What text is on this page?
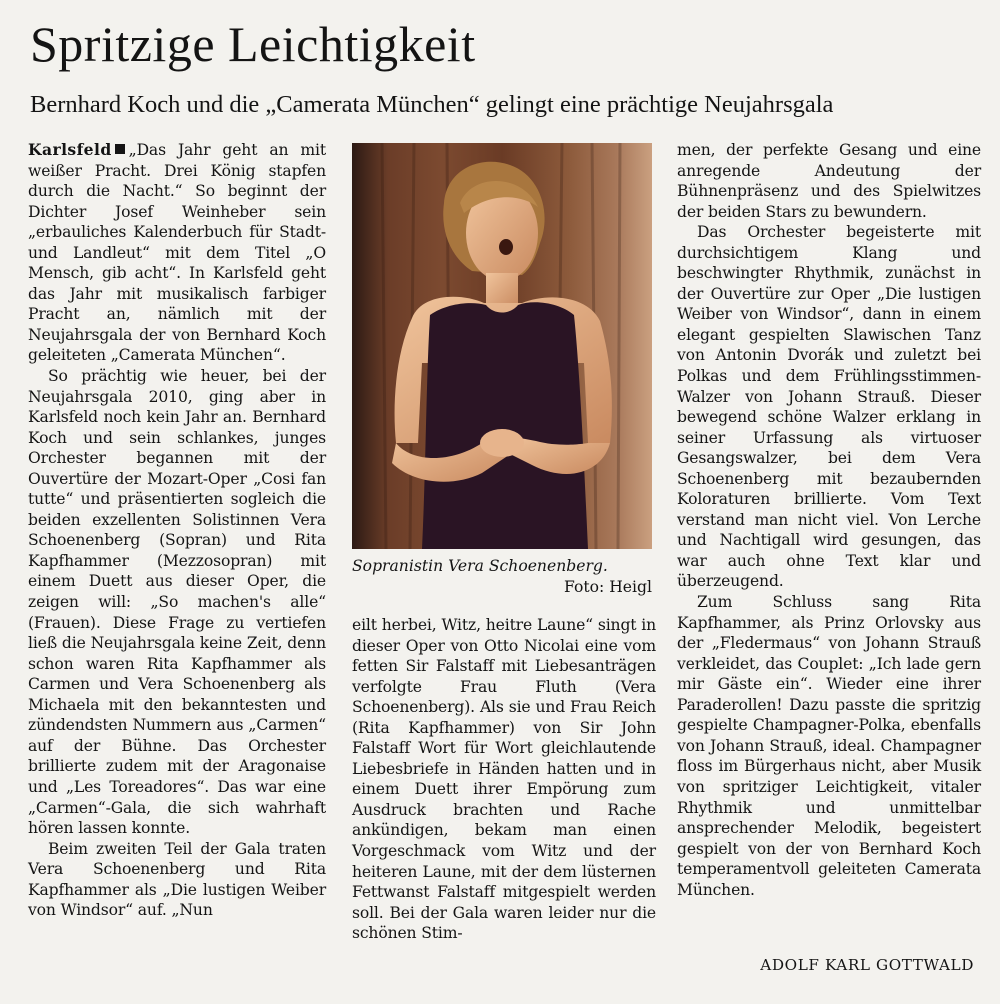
Spritzige Leichtigkeit
Bernhard Koch und die „Camerata München“ gelingt eine prächtige Neujahrsgala

Karlsfeld „Das Jahr geht an mit weißer Pracht. Drei König stapfen durch die Nacht.“ So beginnt der Dichter Josef Weinheber sein „erbauliches Kalenderbuch für Stadt- und Landleut“ mit dem Titel „O Mensch, gib acht“. In Karlsfeld geht das Jahr mit musikalisch farbiger Pracht an, nämlich mit der Neujahrsgala der von Bernhard Koch geleiteten „Camerata München“.

So prächtig wie heuer, bei der Neujahrsgala 2010, ging aber in Karlsfeld noch kein Jahr an. Bernhard Koch und sein schlankes, junges Orchester begannen mit der Ouvertüre der Mozart-Oper „Cosi fan tutte“ und präsentierten sogleich die beiden exzellenten Solistinnen Vera Schoenenberg (Sopran) und Rita Kapfhammer (Mezzosopran) mit einem Duett aus dieser Oper, die zeigen will: „So machen's alle“ (Frauen). Diese Frage zu vertiefen ließ die Neujahrsgala keine Zeit, denn schon waren Rita Kapfhammer als Carmen und Vera Schoenenberg als Michaela mit den bekanntesten und zündendsten Nummern aus „Carmen“ auf der Bühne. Das Orchester brillierte zudem mit der Aragonaise und „Les Toreadores“. Das war eine „Carmen“-Gala, die sich wahrhaft hören lassen konnte.

Beim zweiten Teil der Gala traten Vera Schoenenberg und Rita Kapfhammer als „Die lustigen Weiber von Windsor“ auf. „Nun

Sopranistin Vera Schoenenberg.
Foto: Heigl

eilt herbei, Witz, heitre Laune“ singt in dieser Oper von Otto Nicolai eine vom fetten Sir Falstaff mit Liebesanträgen verfolgte Frau Fluth (Vera Schoenenberg). Als sie und Frau Reich (Rita Kapfhammer) von Sir John Falstaff Wort für Wort gleichlautende Liebesbriefe in Händen hatten und in einem Duett ihrer Empörung zum Ausdruck brachten und Rache ankündigen, bekam man einen Vorgeschmack vom Witz und der heiteren Laune, mit der dem lüsternen Fettwanst Falstaff mitgespielt werden soll. Bei der Gala waren leider nur die schönen Stim-

men, der perfekte Gesang und eine anregende Andeutung der Bühnenpräsenz und des Spielwitzes der beiden Stars zu bewundern.

Das Orchester begeisterte mit durchsichtigem Klang und beschwingter Rhythmik, zunächst in der Ouvertüre zur Oper „Die lustigen Weiber von Windsor“, dann in einem elegant gespielten Slawischen Tanz von Antonin Dvorák und zuletzt bei Polkas und dem Frühlingsstimmen-Walzer von Johann Strauß. Dieser bewegend schöne Walzer erklang in seiner Urfassung als virtuoser Gesangswalzer, bei dem Vera Schoenenberg mit bezaubernden Koloraturen brillierte. Vom Text verstand man nicht viel. Von Lerche und Nachtigall wird gesungen, das war auch ohne Text klar und überzeugend.

Zum Schluss sang Rita Kapfhammer, als Prinz Orlovsky aus der „Fledermaus“ von Johann Strauß verkleidet, das Couplet: „Ich lade gern mir Gäste ein“. Wieder eine ihrer Paraderollen! Dazu passte die spritzig gespielte Champagner-Polka, ebenfalls von Johann Strauß, ideal. Champagner floss im Bürgerhaus nicht, aber Musik von spritziger Leichtigkeit, vitaler Rhythmik und unmittelbar ansprechender Melodik, begeistert gespielt von der von Bernhard Koch temperamentvoll geleiteten Camerata München.

ADOLF KARL GOTTWALD
